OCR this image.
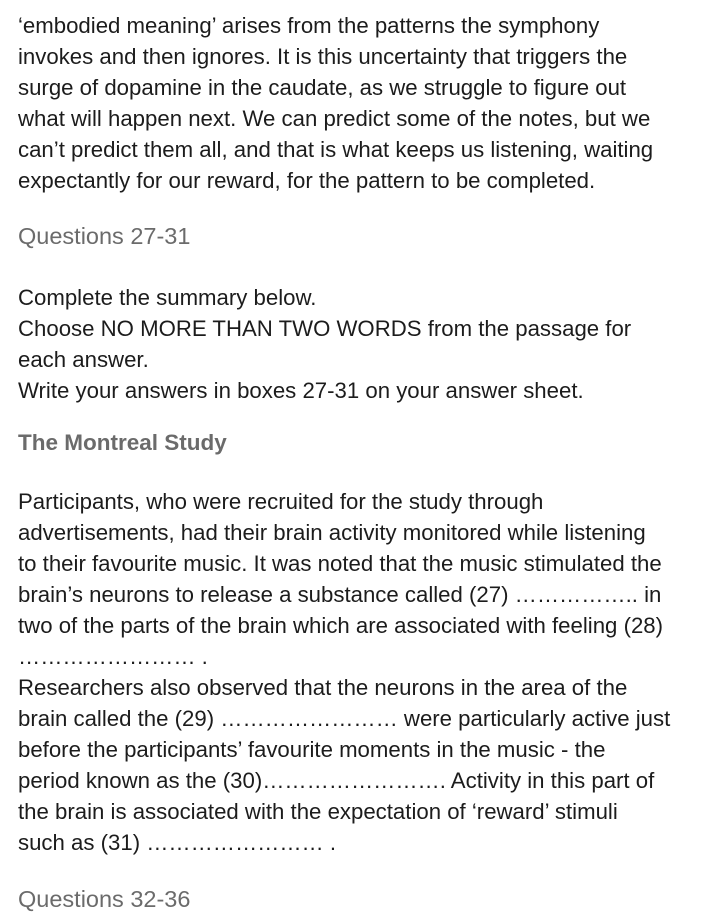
‘embodied meaning’ arises from the patterns the symphony
invokes and then ignores. It is this uncertainty that triggers the
surge of dopamine in the caudate, as we struggle to figure out
what will happen next. We can predict some of the notes, but we
can’t predict them all, and that is what keeps us listening, waiting
expectantly for our reward, for the pattern to be completed.
Questions 27-31
Complete the summary below.
Choose NO MORE THAN TWO WORDS from the passage for
each answer.
Write your answers in boxes 27-31 on your answer sheet.
The Montreal Study
Participants, who were recruited for the study through
advertisements, had their brain activity monitored while listening
to their favourite music. It was noted that the music stimulated the
brain’s neurons to release a substance called (27) …………….. in
two of the parts of the brain which are associated with feeling (28)
…………………… .
Researchers also observed that the neurons in the area of the
brain called the (29) …………………… were particularly active just
before the participants’ favourite moments in the music - the
period known as the (30)……………………. Activity in this part of
the brain is associated with the expectation of ‘reward’ stimuli
such as (31) …………………… .
Questions 32-36
